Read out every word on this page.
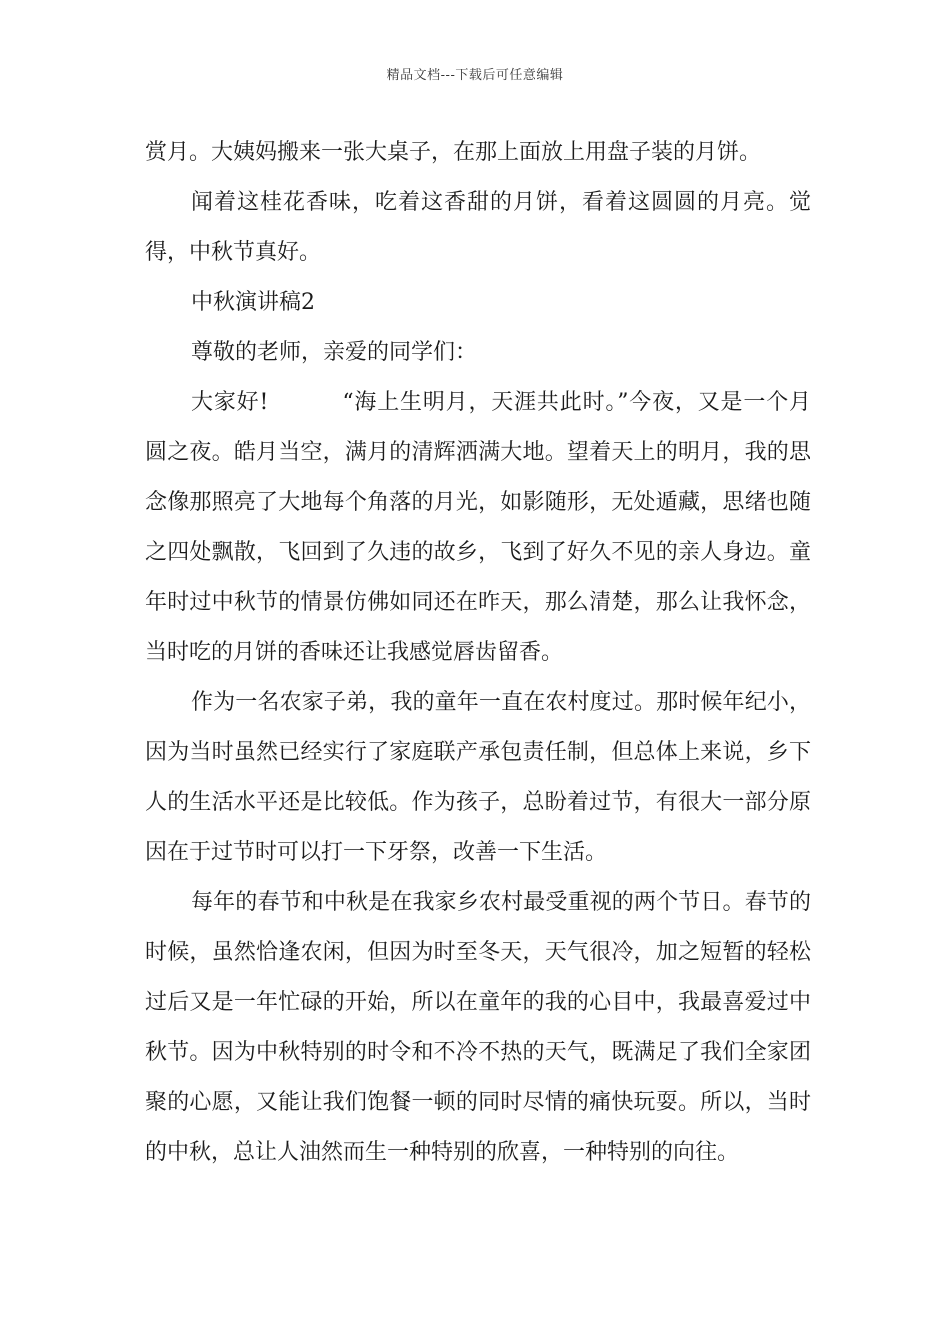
精品文档---下载后可任意编辑

赏月。大姨妈搬来一张大桌子，在那上面放上用盘子装的月饼。

闻着这桂花香味，吃着这香甜的月饼，看着这圆圆的月亮。觉得，中秋节真好。

中秋演讲稿2

尊敬的老师，亲爱的同学们：

大家好!	“海上生明月，天涯共此时。”今夜，又是一个月圆之夜。皓月当空，满月的清辉洒满大地。望着天上的明月，我的思念像那照亮了大地每个角落的月光，如影随形，无处遁藏，思绪也随之四处飘散，飞回到了久违的故乡，飞到了好久不见的亲人身边。童年时过中秋节的情景仿佛如同还在昨天，那么清楚，那么让我怀念，当时吃的月饼的香味还让我感觉唇齿留香。

作为一名农家子弟，我的童年一直在农村度过。那时候年纪小，因为当时虽然已经实行了家庭联产承包责任制，但总体上来说，乡下人的生活水平还是比较低。作为孩子，总盼着过节，有很大一部分原因在于过节时可以打一下牙祭，改善一下生活。

每年的春节和中秋是在我家乡农村最受重视的两个节日。春节的时候，虽然恰逢农闲，但因为时至冬天，天气很冷，加之短暂的轻松过后又是一年忙碌的开始，所以在童年的我的心目中，我最喜爱过中秋节。因为中秋特别的时令和不冷不热的天气，既满足了我们全家团聚的心愿，又能让我们饱餐一顿的同时尽情的痛快玩耍。所以，当时的中秋，总让人油然而生一种特别的欣喜，一种特别的向往。
